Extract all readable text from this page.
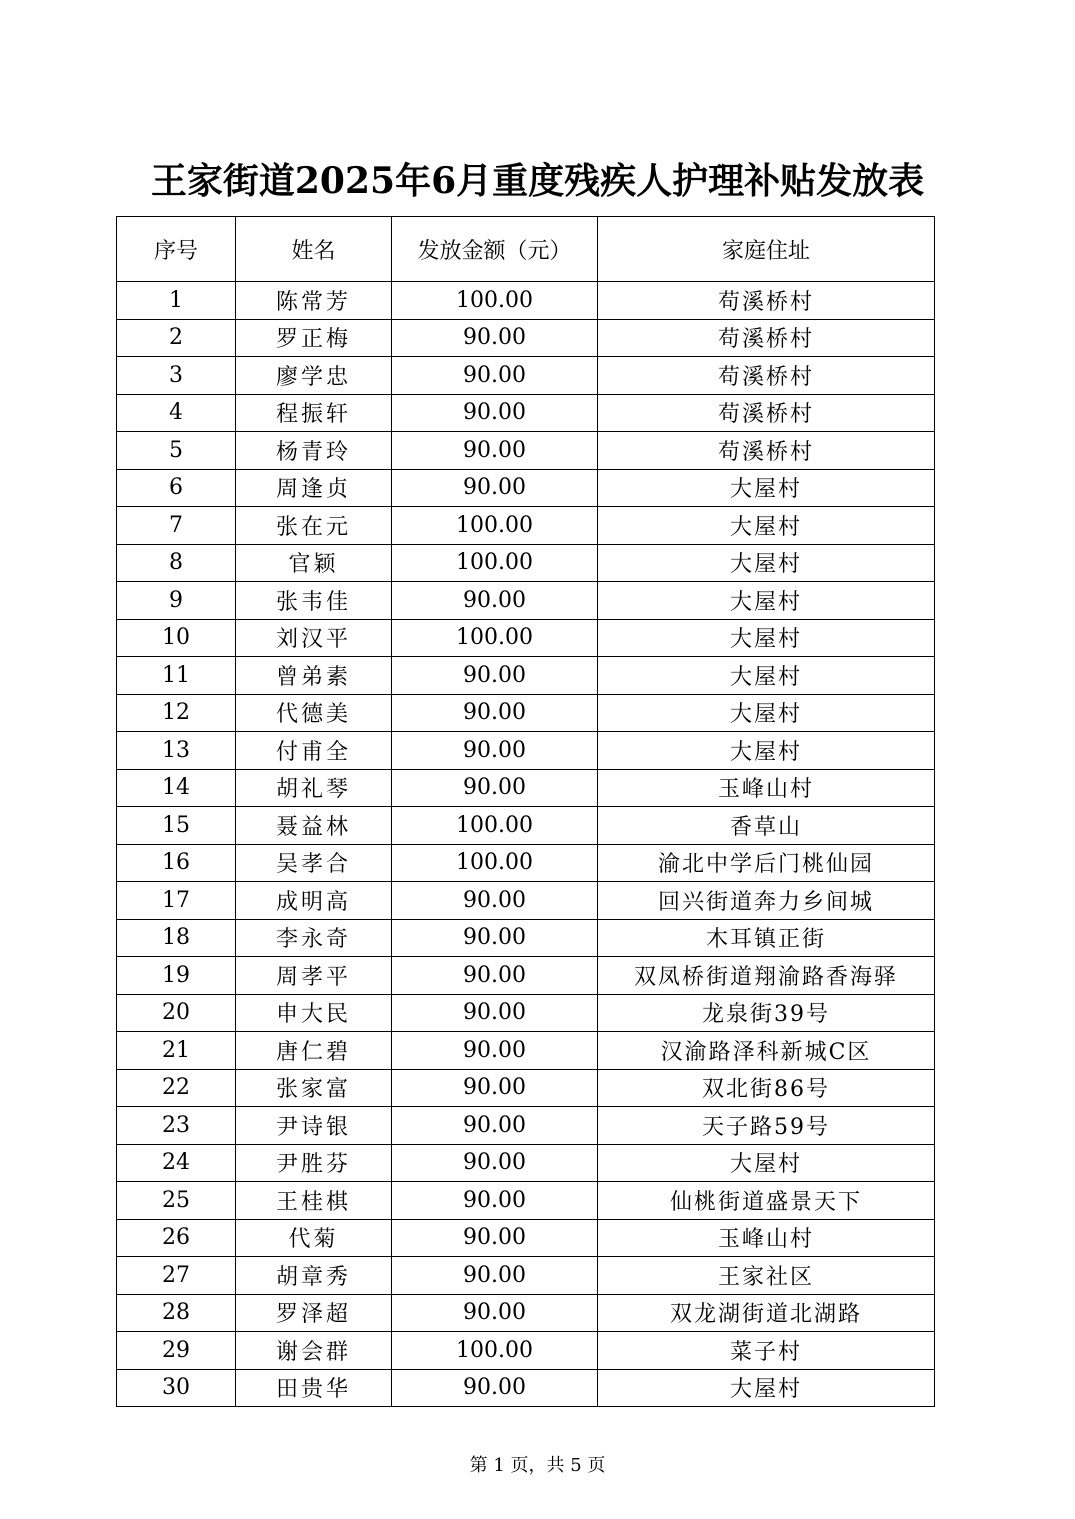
王家街道2025年6月重度残疾人护理补贴发放表
序号	姓名	发放金额（元）	家庭住址
1	陈常芳	100.00	苟溪桥村
2	罗正梅	90.00	苟溪桥村
3	廖学忠	90.00	苟溪桥村
4	程振轩	90.00	苟溪桥村
5	杨青玲	90.00	苟溪桥村
6	周逢贞	90.00	大屋村
7	张在元	100.00	大屋村
8	官颖	100.00	大屋村
9	张韦佳	90.00	大屋村
10	刘汉平	100.00	大屋村
11	曾弟素	90.00	大屋村
12	代德美	90.00	大屋村
13	付甫全	90.00	大屋村
14	胡礼琴	90.00	玉峰山村
15	聂益林	100.00	香草山
16	吴孝合	100.00	渝北中学后门桃仙园
17	成明高	90.00	回兴街道奔力乡间城
18	李永奇	90.00	木耳镇正街
19	周孝平	90.00	双凤桥街道翔渝路香海驿
20	申大民	90.00	龙泉街39号
21	唐仁碧	90.00	汉渝路泽科新城C区
22	张家富	90.00	双北街86号
23	尹诗银	90.00	天子路59号
24	尹胜芬	90.00	大屋村
25	王桂棋	90.00	仙桃街道盛景天下
26	代菊	90.00	玉峰山村
27	胡章秀	90.00	王家社区
28	罗泽超	90.00	双龙湖街道北湖路
29	谢会群	100.00	菜子村
30	田贵华	90.00	大屋村
第 1 页，共 5 页
